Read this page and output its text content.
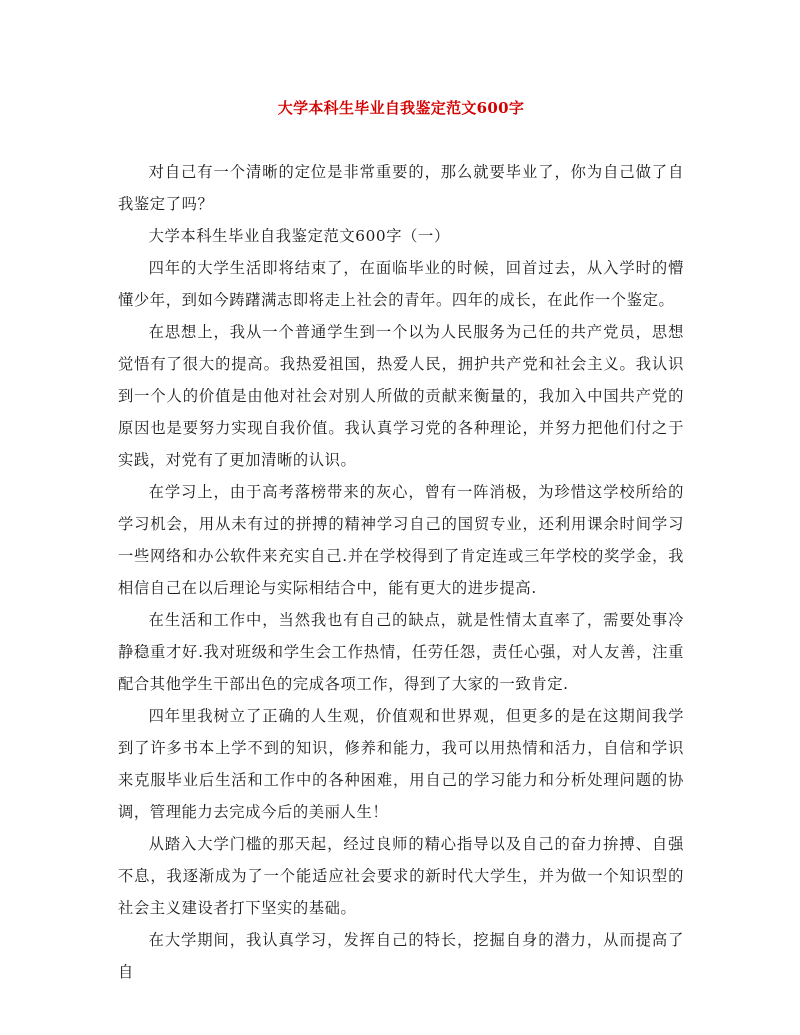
大学本科生毕业自我鉴定范文600字

对自己有一个清晰的定位是非常重要的，那么就要毕业了，你为自己做了自我鉴定了吗？

大学本科生毕业自我鉴定范文600字（一）

四年的大学生活即将结束了，在面临毕业的时候，回首过去，从入学时的懵懂少年，到如今踌躇满志即将走上社会的青年。四年的成长，在此作一个鉴定。

在思想上，我从一个普通学生到一个以为人民服务为己任的共产党员，思想觉悟有了很大的提高。我热爱祖国，热爱人民，拥护共产党和社会主义。我认识到一个人的价值是由他对社会对别人所做的贡献来衡量的，我加入中国共产党的原因也是要努力实现自我价值。我认真学习党的各种理论，并努力把他们付之于实践，对党有了更加清晰的认识。

在学习上，由于高考落榜带来的灰心，曾有一阵消极，为珍惜这学校所给的学习机会，用从未有过的拼搏的精神学习自己的国贸专业，还利用课余时间学习一些网络和办公软件来充实自己.并在学校得到了肯定连或三年学校的奖学金，我相信自己在以后理论与实际相结合中，能有更大的进步提高.

在生活和工作中，当然我也有自己的缺点，就是性情太直率了，需要处事冷静稳重才好.我对班级和学生会工作热情，任劳任怨，责任心强，对人友善，注重配合其他学生干部出色的完成各项工作，得到了大家的一致肯定.

四年里我树立了正确的人生观，价值观和世界观，但更多的是在这期间我学到了许多书本上学不到的知识，修养和能力，我可以用热情和活力，自信和学识来克服毕业后生活和工作中的各种困难，用自己的学习能力和分析处理问题的协调，管理能力去完成今后的美丽人生！

从踏入大学门槛的那天起，经过良师的精心指导以及自己的奋力拚搏、自强不息，我逐渐成为了一个能适应社会要求的新时代大学生，并为做一个知识型的社会主义建设者打下坚实的基础。

在大学期间，我认真学习，发挥自己的特长，挖掘自身的潜力，从而提高了自
